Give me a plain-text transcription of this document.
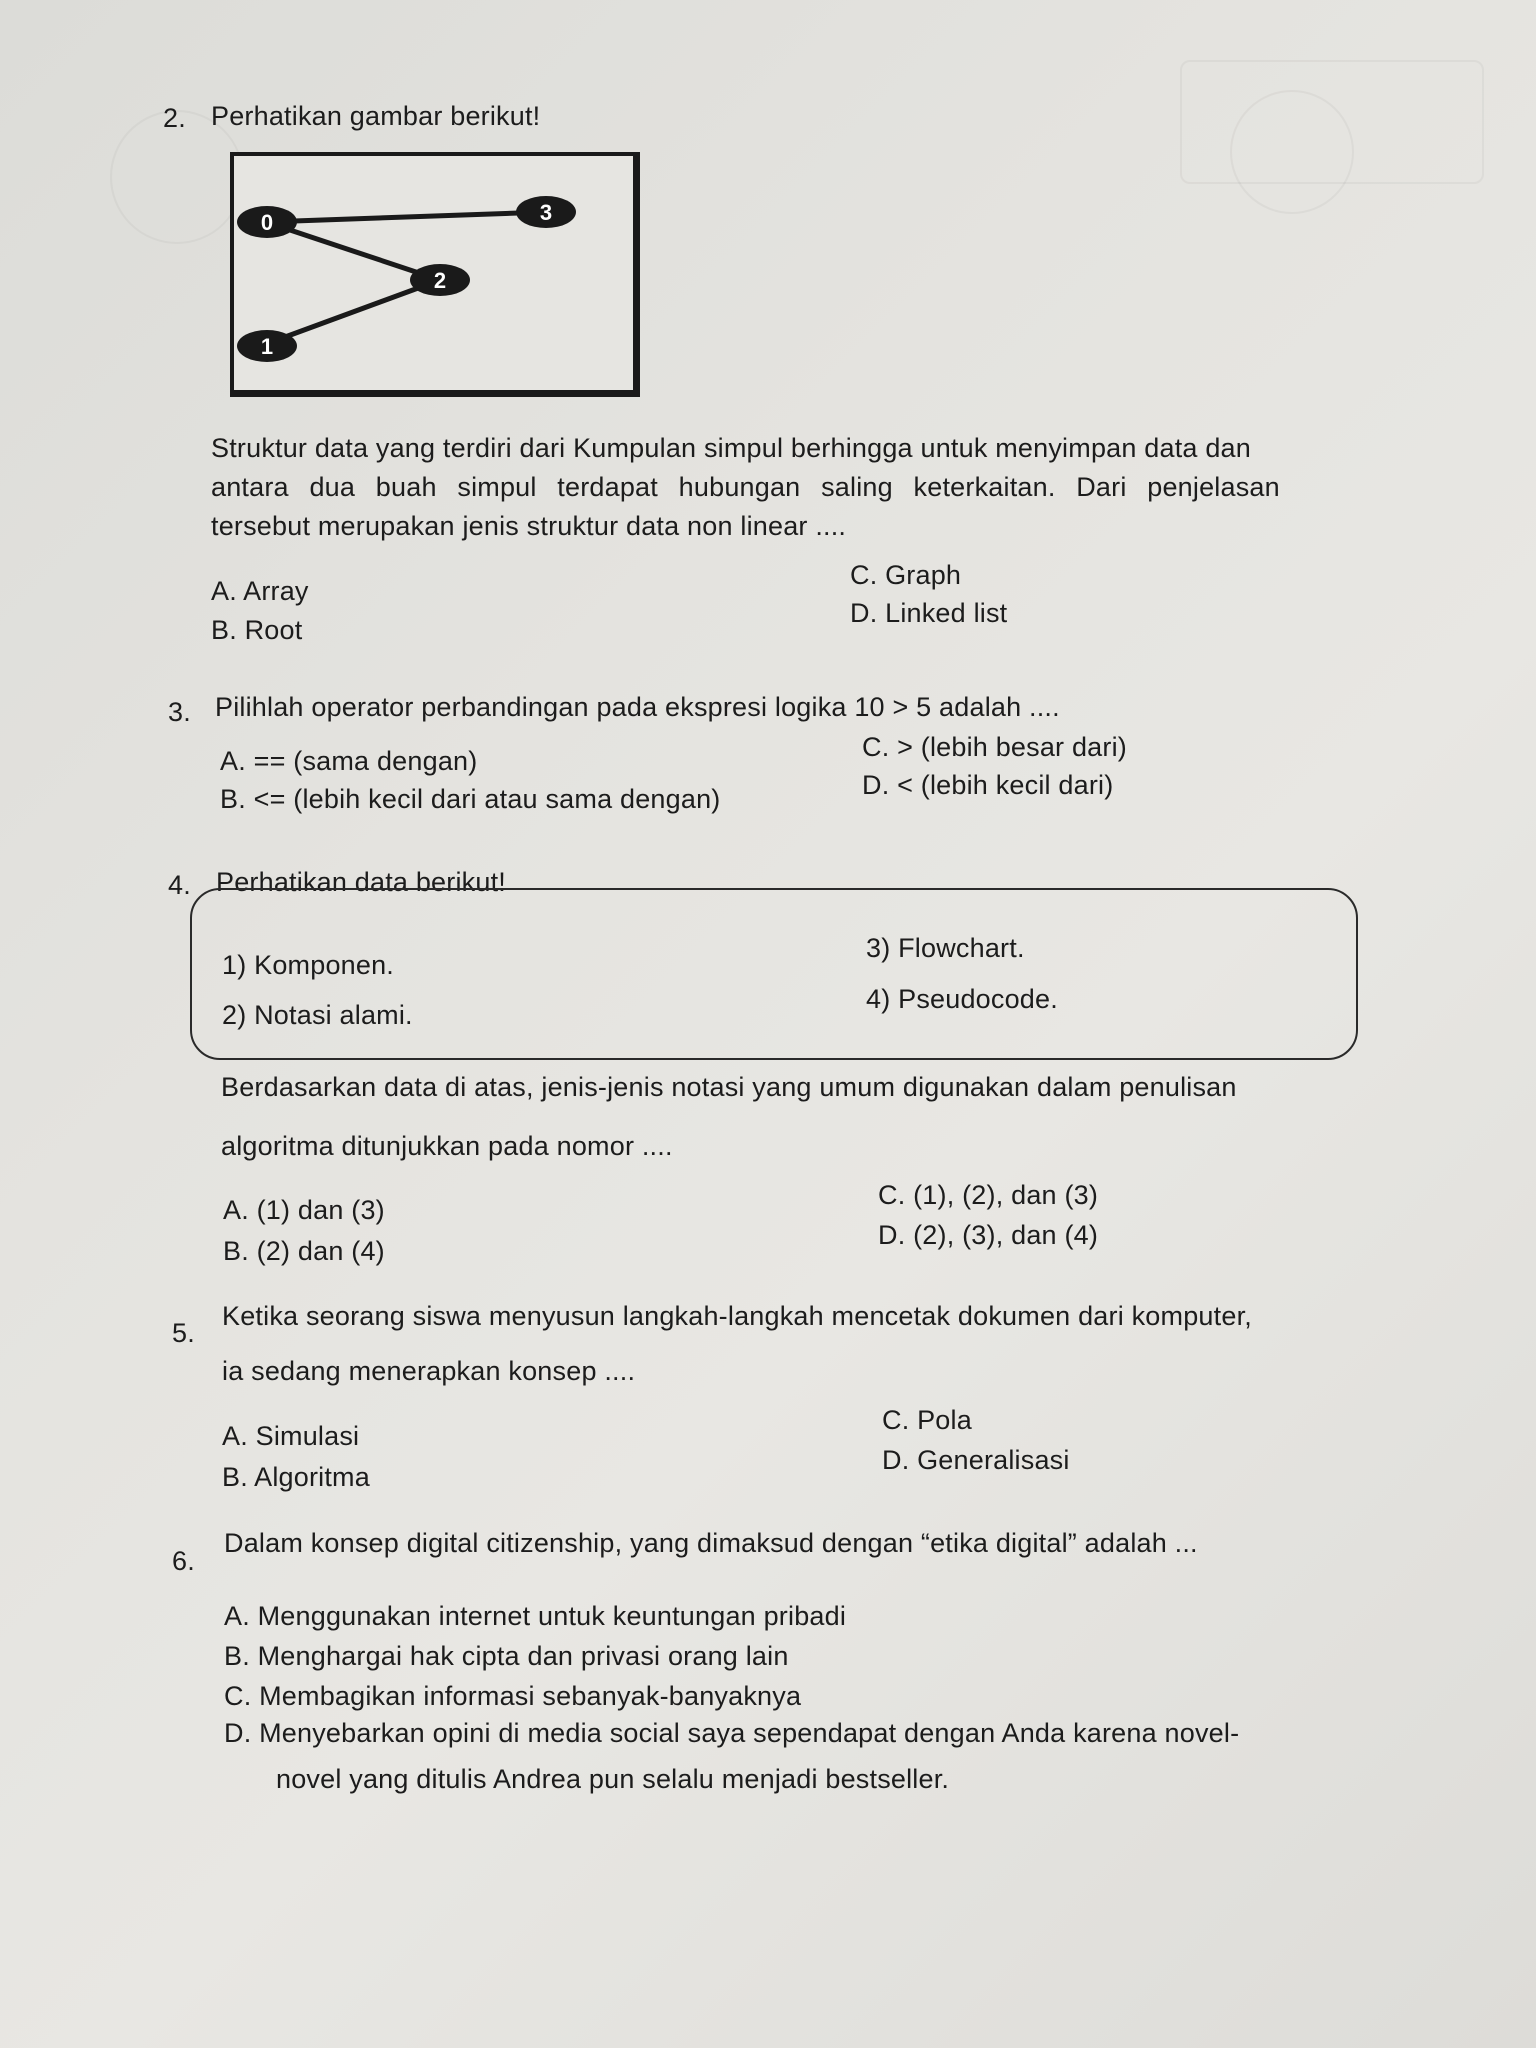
2. Perhatikan gambar berikut!
0	3
2
1
Struktur data yang terdiri dari Kumpulan simpul berhingga untuk menyimpan data dan
antara dua buah simpul terdapat hubungan saling keterkaitan. Dari penjelasan
tersebut merupakan jenis struktur data non linear ....
A. Array
B. Root
C. Graph
D. Linked list
3. Pilihlah operator perbandingan pada ekspresi logika 10 > 5 adalah ....
A. == (sama dengan)
B. <= (lebih kecil dari atau sama dengan)
C. > (lebih besar dari)
D. < (lebih kecil dari)
4. Perhatikan data berikut!
1) Komponen.
2) Notasi alami.
3) Flowchart.
4) Pseudocode.
Berdasarkan data di atas, jenis-jenis notasi yang umum digunakan dalam penulisan
algoritma ditunjukkan pada nomor ....
A. (1) dan (3)
B. (2) dan (4)
C. (1), (2), dan (3)
D. (2), (3), dan (4)
5.
Ketika seorang siswa menyusun langkah-langkah mencetak dokumen dari komputer,
ia sedang menerapkan konsep ....
A. Simulasi
B. Algoritma
C. Pola
D. Generalisasi
6.
Dalam konsep digital citizenship, yang dimaksud dengan “etika digital” adalah ...
A. Menggunakan internet untuk keuntungan pribadi
B. Menghargai hak cipta dan privasi orang lain
C. Membagikan informasi sebanyak-banyaknya
D. Menyebarkan opini di media social saya sependapat dengan Anda karena novel-
novel yang ditulis Andrea pun selalu menjadi bestseller.
